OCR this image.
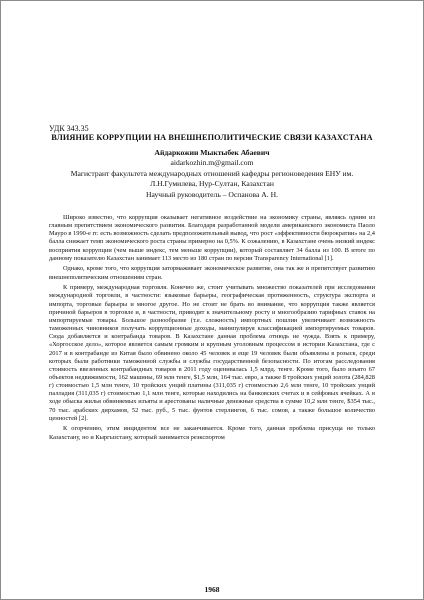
УДК 343.35
ВЛИЯНИЕ КОРРУПЦИИ НА ВНЕШНЕПОЛИТИЧЕСКИЕ СВЯЗИ КАЗАХСТАНА
Айдаркожин Мыктыбек Абаевич
aidarkozhin.m@gmail.com
Магистрант факультета международных отношений кафедры регионоведения ЕНУ им.
Л.Н.Гумилева, Нур-Султан, Казахстан
Научный руководитель – Оспанова А. Н.

Широко известно, что коррупция оказывает негативное воздействие на экономику страны, являясь одним из главным препятствием экономического развития. Благодаря разработанной модели американского экономиста Паоло Мауро в 1990-е гг. есть возможность сделать предположительный вывод, что рост «эффективности бюрократии» на 2,4 балла снижает темп экономического роста страны примерно на 0,5%. К сожалению, в Казахстане очень низкий индекс восприятия коррупции (чем выше индекс, тем меньше коррупции), который составляет 34 балла из 100. В итоге по данному показателю Казахстан занимает 113 место из 180 стран по версии Transparency International [1].

Однако, кроме того, что коррупция затормаживает экономическое развитие, она так же и препятствует развитию внешнеполитическим отношениям стран.

К примеру, международная торговля. Конечно же, стоит учитывать множество показателей при исследовании международной торговли, в частности: языковые барьеры, географическая протяженность, структура экспорта и импорта, торговые барьеры и многое другое. Но не стоит не брать во внимание, что коррупция также является причиной барьеров в торговле и, в частности, приводит к значительному росту и многообразию тарифных ставок на импортируемые товары. Большое разнообразие (т.е. сложность) импортных пошлин увеличивает возможность таможенных чиновников получать коррупционные доходы, манипулируя классификацией импортируемых товаров. Сюда добавляется и контрабанда товаров. В Казахстане данная проблема отнюдь не чужда. Взять к примеру, «Хоргосское дело», которое является самым громким и крупным уголовным процессом в истории Казахстана, где с 2017 и в контрабанде из Китая было обвинено около 45 человек и еще 19 человек были объявлены в розыск, среди которых были работники таможенной службы и службы государственной безопасности. По итогам расследования стоимость ввезенных контрабандных товаров в 2011 году оценивалась 1,5 млрд. тенге. Кроме того, было изъято 67 объектов недвижимости, 162 машины, 69 млн тенге, $1,5 млн, 164 тыс. евро, а также 8 тройских унций золота (284,828 г) стоимостью 1,5 млн тенге, 10 тройских унций платины (311,035 г) стоимостью 2,6 млн тенге, 10 тройских унций палладия (311,035 г) стоимостью 1,1 млн тенге, которые находились на банковских счетах и в сейфовых ячейках. А в ходе обыска жилья обвиняемых изъяты и арестованы наличные денежные средства в сумме 10,2 млн тенге, $354 тыс., 70 тыс. арабских дирхамов, 52 тыс. руб., 5 тыс. фунтов стерлингов, 6 тыс. сомов, а также большое количество ценностей [2].

К огорчению, этим инцидентом все не заканчивается. Кроме того, данная проблема присуща не только Казахстану, но и Кыргызстану, который занимается реэкспортом

1968
